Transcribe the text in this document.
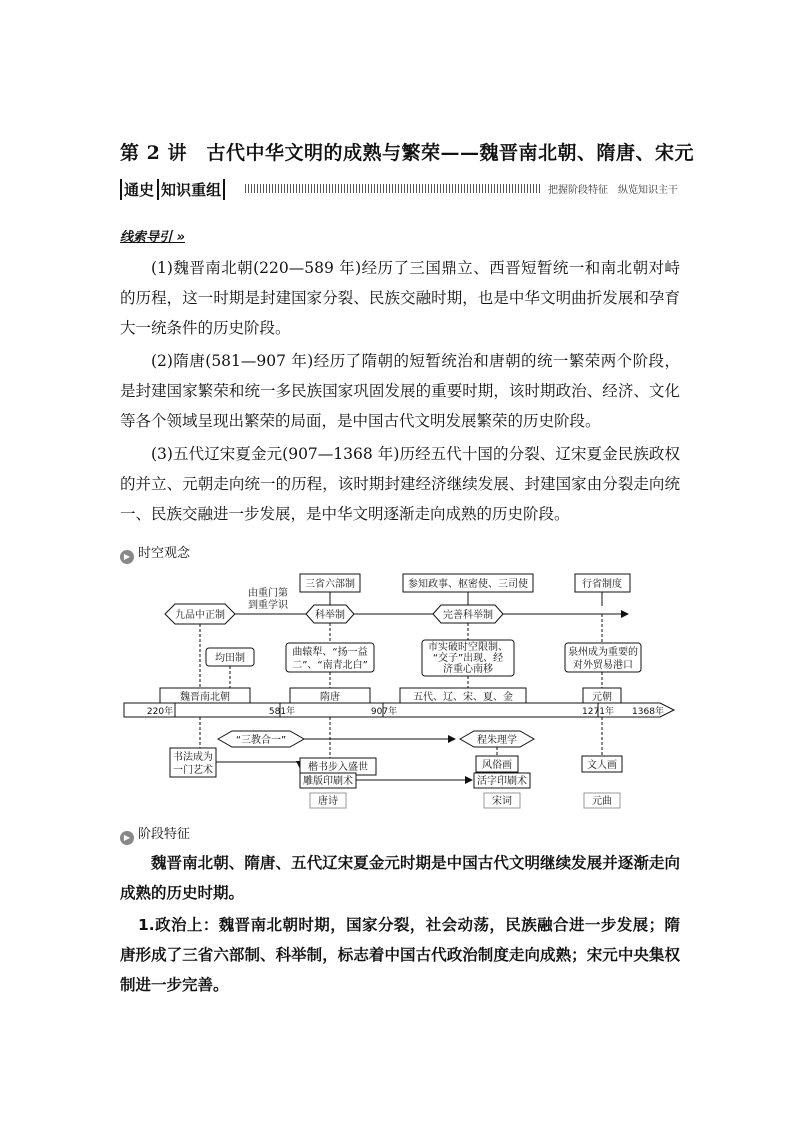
第 2 讲　古代中华文明的成熟与繁荣——魏晋南北朝、隋唐、宋元
通史 知识重组	把握阶段特征　纵览知识主干
线索导引 »
(1)魏晋南北朝(220—589 年)经历了三国鼎立、西晋短暂统一和南北朝对峙的历程，这一时期是封建国家分裂、民族交融时期，也是中华文明曲折发展和孕育大一统条件的历史阶段。
(2)隋唐(581—907 年)经历了隋朝的短暂统治和唐朝的统一繁荣两个阶段，是封建国家繁荣和统一多民族国家巩固发展的重要时期，该时期政治、经济、文化等各个领域呈现出繁荣的局面，是中国古代文明发展繁荣的历史阶段。
(3)五代辽宋夏金元(907—1368 年)历经五代十国的分裂、辽宋夏金民族政权的并立、元朝走向统一的历程，该时期封建经济继续发展、封建国家由分裂走向统一、民族交融进一步发展，是中华文明逐渐走向成熟的历史阶段。
▶ 时空观念
三省六部制	参知政事、枢密使、三司使	行省制度
九品中正制	科举制	完善科举制
由重门第
到重学识
均田制
曲辕犁、“扬一益
二”、“南青北白”
市实破时空限制、
“交子”出现、经
济重心南移
泉州成为重要的
对外贸易港口
魏晋南北朝	隋唐	五代、辽、宋、夏、金	元朝
220年	581年	907年	1271年 1368年
“三教合一”	程朱理学
书法成为
一门艺术	楷书步入盛世
雕版印刷术
风俗画
活字印刷术
文人画
唐诗	宋词	元曲
▶ 阶段特征
魏晋南北朝、隋唐、五代辽宋夏金元时期是中国古代文明继续发展并逐渐走向成熟的历史时期。
1.政治上：魏晋南北朝时期，国家分裂，社会动荡，民族融合进一步发展；隋唐形成了三省六部制、科举制，标志着中国古代政治制度走向成熟；宋元中央集权制进一步完善。
